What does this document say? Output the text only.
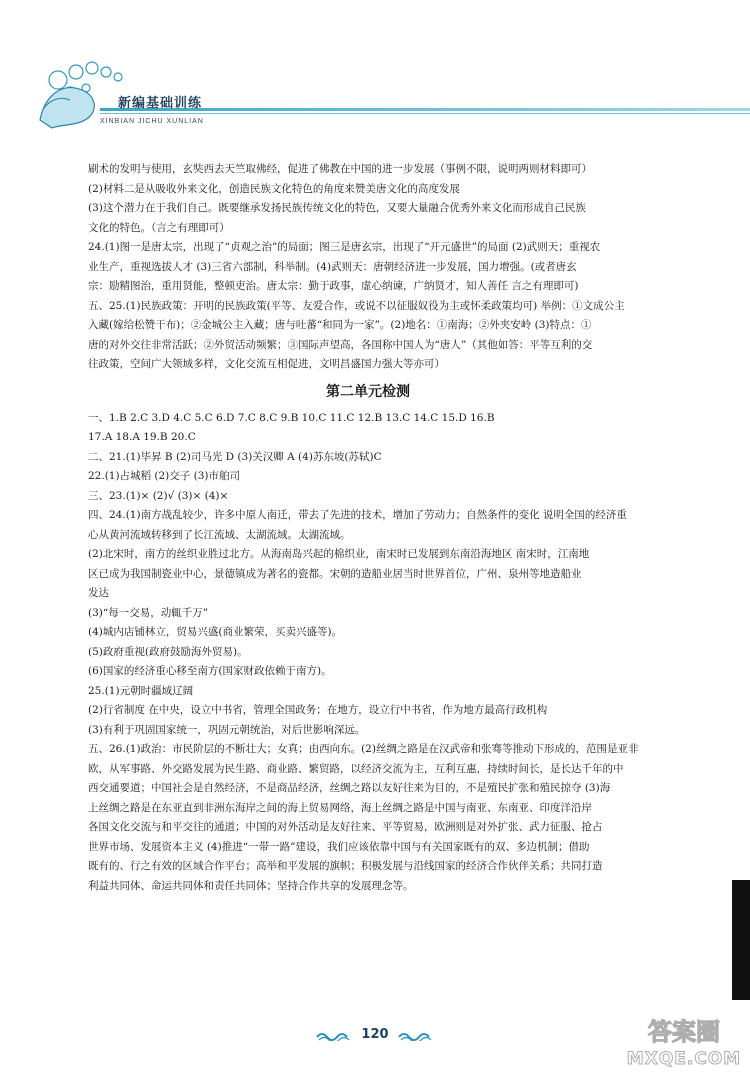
新编基础训练
XINBIAN JICHU XUNLIAN
刷术的发明与使用，玄奘西去天竺取佛经，促进了佛教在中国的进一步发展（事例不限，说明两则材料即可）
(2)材料二是从吸收外来文化，创造民族文化特色的角度来赞美唐文化的高度发展
(3)这个潜力在于我们自己。既要继承发扬民族传统文化的特色，又要大量融合优秀外来文化而形成自己民族
文化的特色。（言之有理即可）
24.(1)图一是唐太宗，出现了“贞观之治”的局面；图三是唐玄宗，出现了“开元盛世”的局面 (2)武则天；重视农
业生产，重视选拔人才 (3)三省六部制，科举制。(4)武则天：唐朝经济进一步发展，国力增强。(或者唐玄
宗：励精图治，重用贤能，整顿吏治。唐太宗：勤于政事，虚心纳谏，广纳贤才，知人善任 言之有理即可)
五、25.(1)民族政策：开明的民族政策(平等、友爱合作，或说不以征服奴役为主或怀柔政策均可) 举例：①文成公主
入藏(嫁给松赞干布)；②金城公主入藏；唐与吐蕃“和同为一家”。(2)地名：①南海；②外夹安岭 (3)特点：①
唐的对外交往非常活跃；②外贸活动频繁；③国际声望高，各国称中国人为“唐人”（其他如答：平等互利的交
往政策，空间广大领域多样，文化交流互相促进，文明昌盛国力强大等亦可）
第二单元检测
一、1.B 2.C 3.D 4.C 5.C 6.D 7.C 8.C 9.B 10.C 11.C 12.B 13.C 14.C 15.D 16.B
17.A 18.A 19.B 20.C
二、21.(1)毕昇 B (2)司马光 D (3)关汉卿 A (4)苏东坡(苏轼)C
22.(1)占城稻 (2)交子 (3)市舶司
三、23.(1)× (2)√ (3)× (4)×
四、24.(1)南方战乱较少，许多中原人南迁，带去了先进的技术，增加了劳动力；自然条件的变化 说明全国的经济重
心从黄河流域转移到了长江流域、太湖流域。太湖流域。
(2)北宋时，南方的丝织业胜过北方。从海南岛兴起的棉织业，南宋时已发展到东南沿海地区 南宋时，江南地
区已成为我国制瓷业中心，景德镇成为著名的瓷都。宋朝的造船业居当时世界首位，广州、泉州等地造船业
发达
(3)“每一交易，动辄千万”
(4)城内店铺林立，贸易兴盛(商业繁荣，买卖兴盛等)。
(5)政府重视(政府鼓励海外贸易)。
(6)国家的经济重心移至南方(国家财政依赖于南方)。
25.(1)元朝时疆域辽阔
(2)行省制度 在中央，设立中书省，管理全国政务；在地方，设立行中书省，作为地方最高行政机构
(3)有利于巩固国家统一，巩固元朝统治，对后世影响深远。
五、26.(1)政治：市民阶层的不断壮大；女真；由西向东。(2)丝绸之路是在汉武帝和张骞等推动下形成的，范围是亚非
欧，从军事路、外交路发展为民生路、商业路、繁贸路，以经济交流为主，互利互惠，持续时间长，是长达千年的中
西交通要道；中国社会是自然经济，不是商品经济，丝绸之路以友好往来为目的，不是殖民扩张和殖民掠夺 (3)海
上丝绸之路是在东亚直到非洲东海岸之间的海上贸易网络，海上丝绸之路是中国与南亚、东南亚、印度洋沿岸
各国文化交流与和平交往的通道；中国的对外活动是友好往来、平等贸易，欧洲则是对外扩张、武力征服、抢占
世界市场、发展资本主义 (4)推进“一带一路”建设，我们应该依靠中国与有关国家既有的双、多边机制；借助
既有的、行之有效的区域合作平台；高举和平发展的旗帜；积极发展与沿线国家的经济合作伙伴关系；共同打造
利益共同体、命运共同体和责任共同体；坚持合作共享的发展理念等。
120	答案圈
MXQE.COM
